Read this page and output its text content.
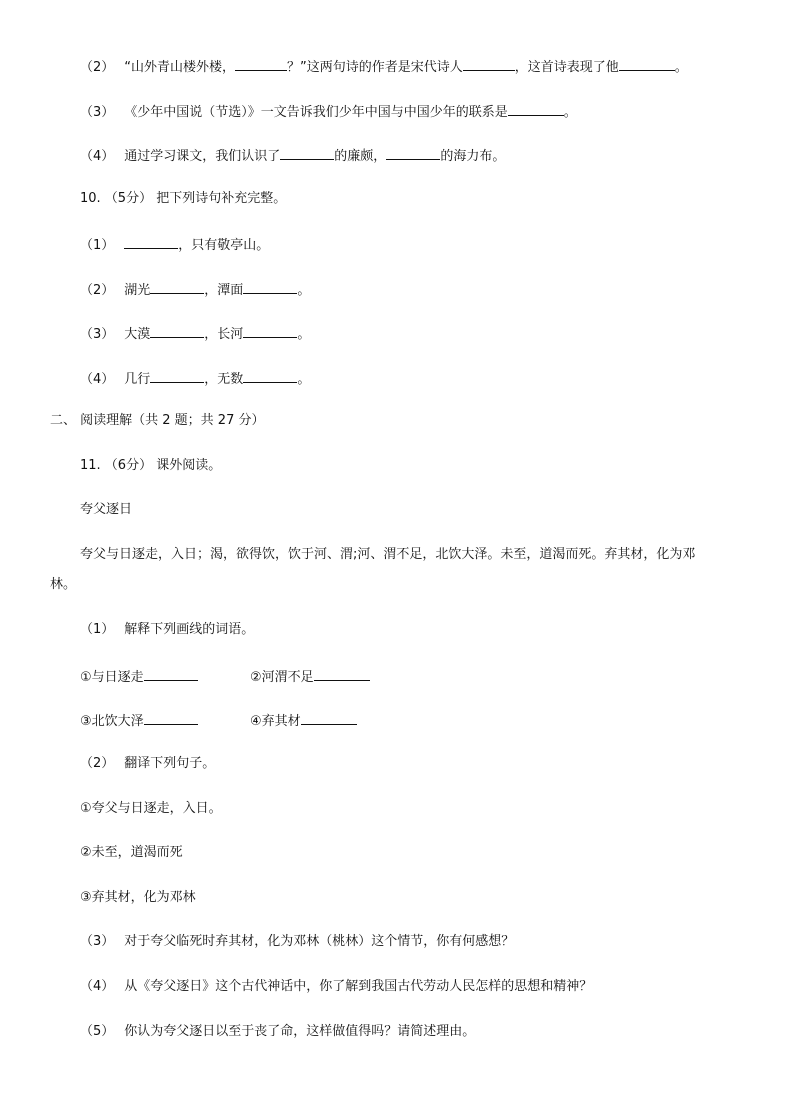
（2） “山外青山楼外楼，	？”这两句诗的作者是宋代诗人	，这首诗表现了他	。
（3） 《少年中国说（节选）》一文告诉我们少年中国与中国少年的联系是	。
（4） 通过学习课文，我们认识了	的廉颇，	的海力布。
10. （5分） 把下列诗句补充完整。
（1）	，只有敬亭山。
（2） 湖光	，潭面	。
（3） 大漠	，长河	。
（4） 几行	，无数	。
二、 阅读理解（共 2 题；共 27 分）
11. （6分） 课外阅读。
夸父逐日
夸父与日逐走，入日；渴，欲得饮，饮于河、渭;河、渭不足，北饮大泽。未至，道渴而死。弃其材，化为邓
林。
（1） 解释下列画线的词语。
①与日逐走	②河渭不足
③北饮大泽	④弃其材
（2） 翻译下列句子。
①夸父与日逐走，入日。
②未至，道渴而死
③弃其材，化为邓林
（3） 对于夸父临死时弃其材，化为邓林（桃林）这个情节，你有何感想？
（4） 从《夸父逐日》这个古代神话中，你了解到我国古代劳动人民怎样的思想和精神？
（5） 你认为夸父逐日以至于丧了命，这样做值得吗？请简述理由。
